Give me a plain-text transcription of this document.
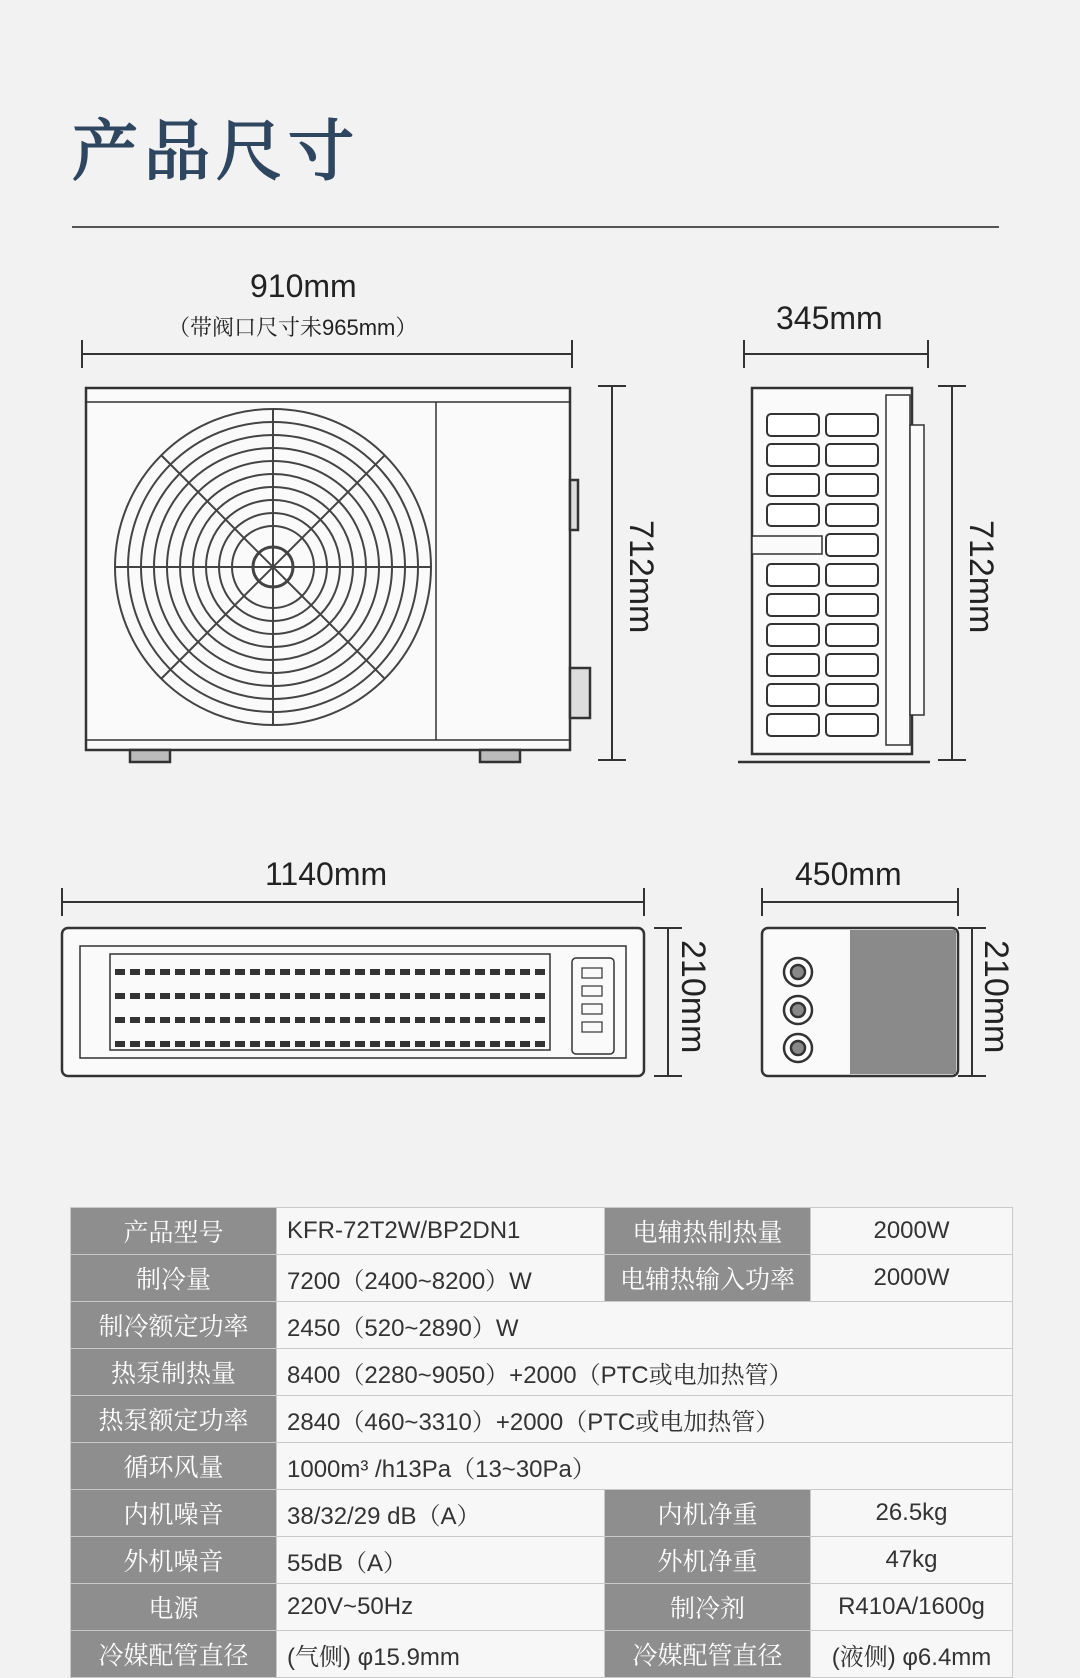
产品尺寸
910mm
（带阀口尺寸未965mm）	345mm
712mm	712mm
1140mm	450mm
210mm	210mm
产品型号	KFR-72T2W/BP2DN1	电辅热制热量	2000W
制冷量	7200（2400~8200）W	电辅热输入功率	2000W
制冷额定功率	2450（520~2890）W		
热泵制热量	8400（2280~9050）+2000（PTC或电加热管）		
热泵额定功率	2840（460~3310）+2000（PTC或电加热管）		
循环风量	1000m³ /h13Pa（13~30Pa）		
内机噪音	38/32/29 dB（A）	内机净重	26.5kg
外机噪音	55dB（A）	外机净重	47kg
电源	220V~50Hz	制冷剂	R410A/1600g
冷媒配管直径	(气侧) φ15.9mm	冷媒配管直径	(液侧) φ6.4mm
